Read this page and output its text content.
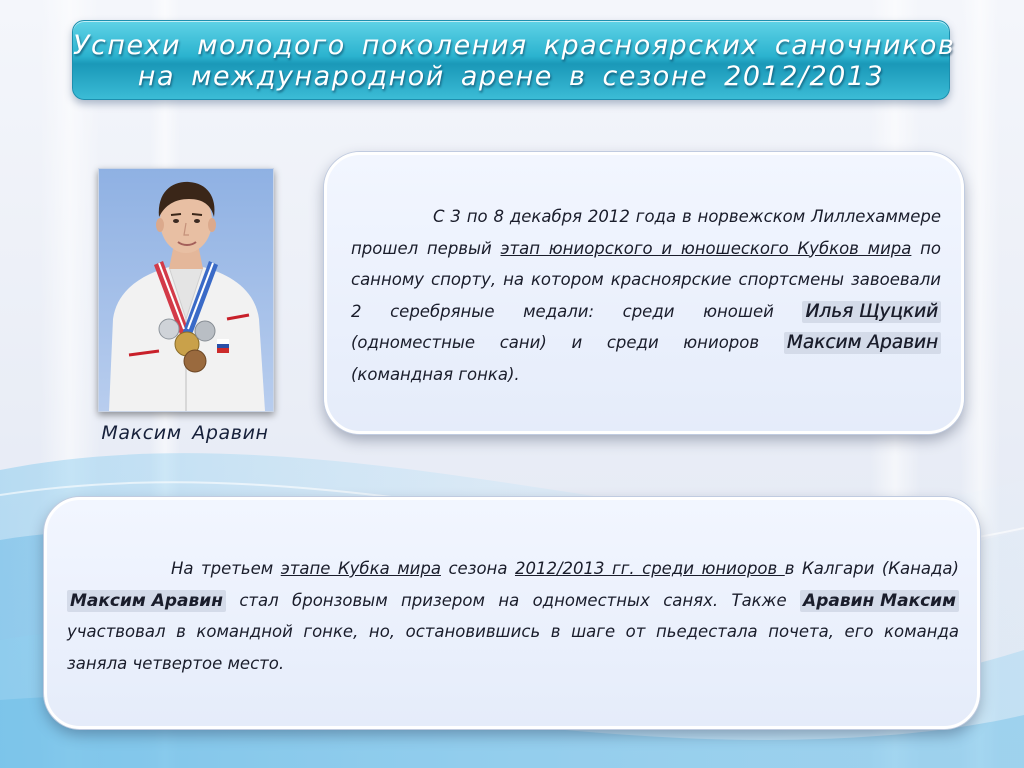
Успехи молодого поколения красноярских саночников
на международной арене в сезоне 2012/2013
Максим Аравин
С 3 по 8 декабря 2012 года в норвежском Лиллехаммере прошел первый этап юниорского и юношеского Кубков мира по санному спорту, на котором красноярские спортсмены завоевали 2 серебряные медали: среди юношей Илья Щуцкий (одноместные сани) и среди юниоров Максим Аравин (командная гонка).
На третьем этапе Кубка мира сезона 2012/2013 гг. среди юниоров в Калгари (Канада) Максим Аравин стал бронзовым призером на одноместных санях. Также Аравин Максим участвовал в командной гонке, но, остановившись в шаге от пьедестала почета, его команда заняла четвертое место.
